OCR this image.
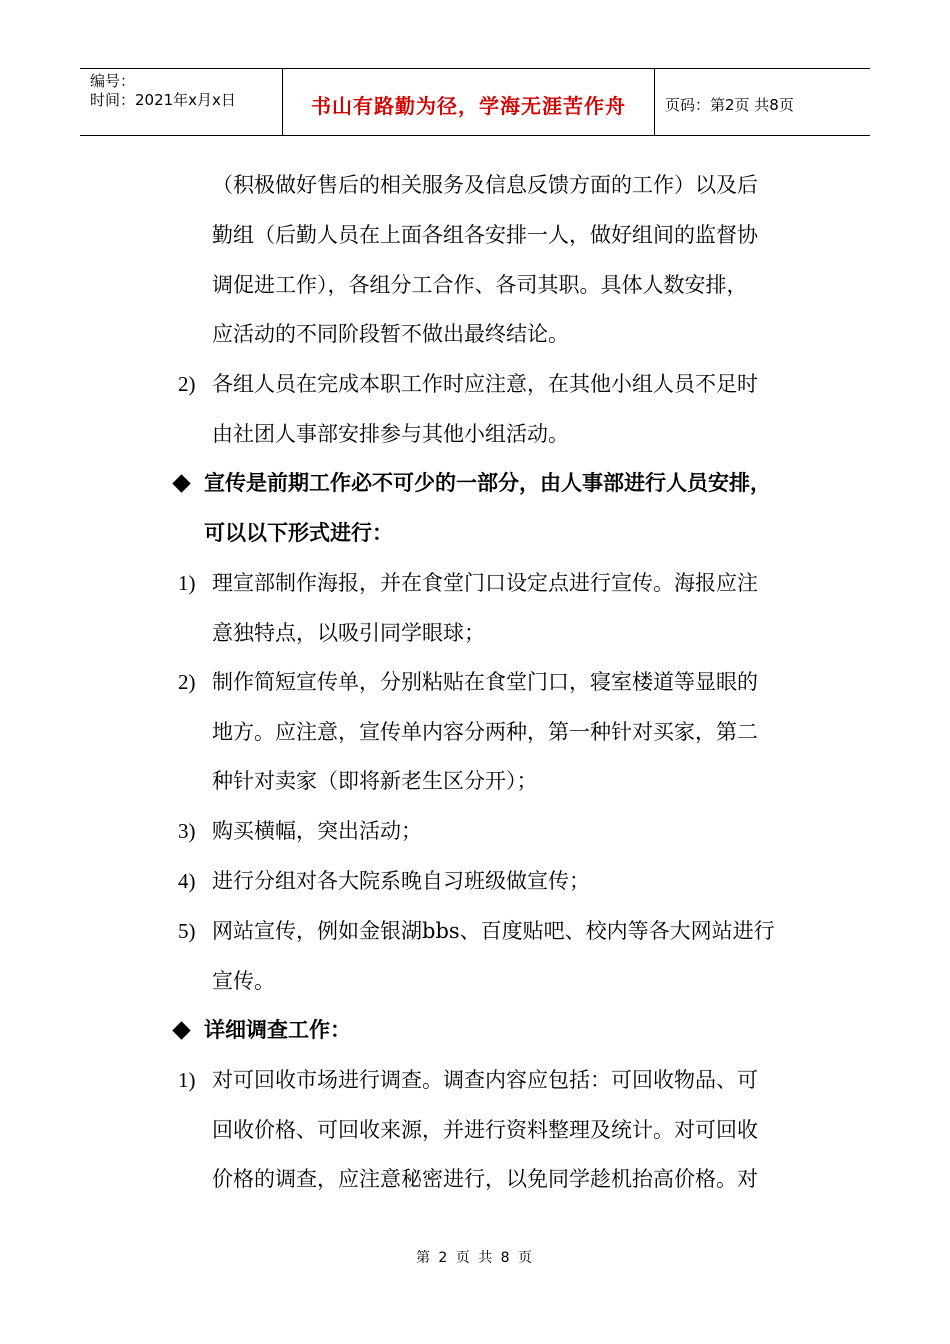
编号：
时间：2021年x月x日	书山有路勤为径，学海无涯苦作舟	页码：第2页 共8页
（积极做好售后的相关服务及信息反馈方面的工作）以及后
勤组（后勤人员在上面各组各安排一人，做好组间的监督协
调促进工作），各组分工合作、各司其职。具体人数安排，
应活动的不同阶段暂不做出最终结论。
2) 各组人员在完成本职工作时应注意，在其他小组人员不足时
由社团人事部安排参与其他小组活动。
宣传是前期工作必不可少的一部分，由人事部进行人员安排，
可以以下形式进行：
1) 理宣部制作海报，并在食堂门口设定点进行宣传。海报应注
意独特点，以吸引同学眼球；
2) 制作简短宣传单，分别粘贴在食堂门口，寝室楼道等显眼的
地方。应注意，宣传单内容分两种，第一种针对买家，第二
种针对卖家（即将新老生区分开）；
3) 购买横幅，突出活动；
4) 进行分组对各大院系晚自习班级做宣传；
5) 网站宣传，例如金银湖bbs、百度贴吧、校内等各大网站进行
宣传。
详细调查工作：
1) 对可回收市场进行调查。调查内容应包括：可回收物品、可
回收价格、可回收来源，并进行资料整理及统计。对可回收
价格的调查，应注意秘密进行，以免同学趁机抬高价格。对
第 2 页 共 8 页
